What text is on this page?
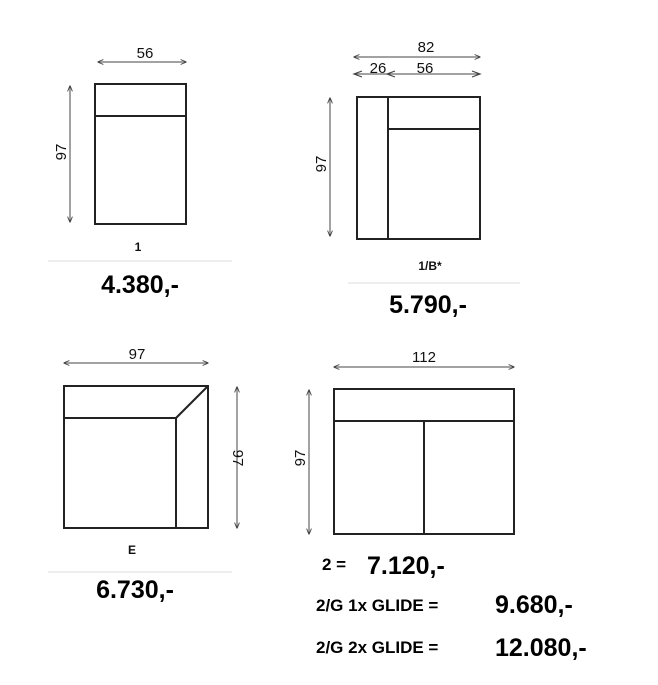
56
97
1
4.380,-
82
26 56
97
1/B*
5.790,-
97
97
E
6.730,-
112
97
2 = 7.120,-
2/G 1x GLIDE = 9.680,-
2/G 2x GLIDE = 12.080,-
